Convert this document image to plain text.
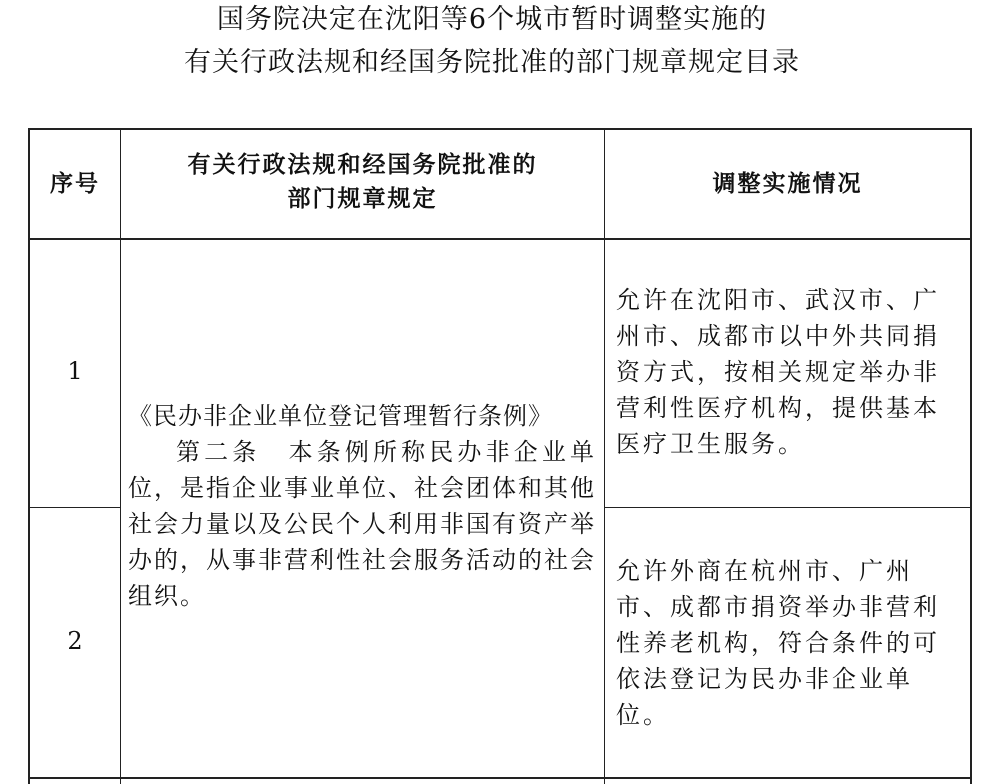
国务院决定在沈阳等6个城市暂时调整实施的
有关行政法规和经国务院批准的部门规章规定目录
序号
有关行政法规和经国务院批准的
部门规章规定
调整实施情况
1
允许在沈阳市、武汉市、广州市、成都市以中外共同捐资方式，按相关规定举办非营利性医疗机构，提供基本医疗卫生服务。
《民办非企业单位登记管理暂行条例》
第二条　本条例所称民办非企业单位，是指企业事业单位、社会团体和其他社会力量以及公民个人利用非国有资产举办的，从事非营利性社会服务活动的社会组织。
2
允许外商在杭州市、广州市、成都市捐资举办非营利性养老机构，符合条件的可依法登记为民办非企业单位。
